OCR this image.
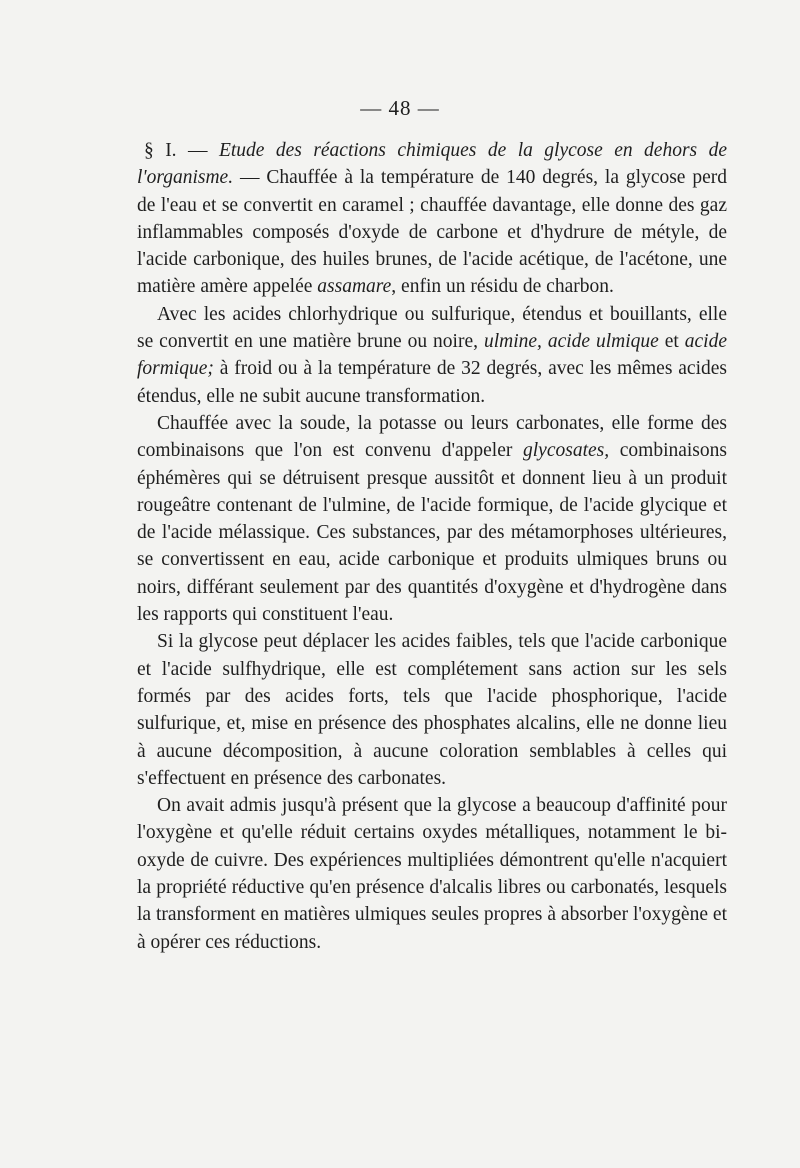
— 48 —

§ I. — Etude des réactions chimiques de la glycose en dehors de l'organisme. — Chauffée à la température de 140 degrés, la glycose perd de l'eau et se convertit en caramel ; chauffée davantage, elle donne des gaz inflammables composés d'oxyde de carbone et d'hydrure de métyle, de l'acide carbonique, des huiles brunes, de l'acide acétique, de l'acétone, une matière amère appelée assamare, enfin un résidu de charbon.

Avec les acides chlorhydrique ou sulfurique, étendus et bouillants, elle se convertit en une matière brune ou noire, ulmine, acide ulmique et acide formique; à froid ou à la température de 32 degrés, avec les mêmes acides étendus, elle ne subit aucune transformation.

Chauffée avec la soude, la potasse ou leurs carbonates, elle forme des combinaisons que l'on est convenu d'appeler glycosates, combinaisons éphémères qui se détruisent presque aussitôt et donnent lieu à un produit rougeâtre contenant de l'ulmine, de l'acide formique, de l'acide glycique et de l'acide mélassique. Ces substances, par des métamorphoses ultérieures, se convertissent en eau, acide carbonique et produits ulmiques bruns ou noirs, différant seulement par des quantités d'oxygène et d'hydrogène dans les rapports qui constituent l'eau.

Si la glycose peut déplacer les acides faibles, tels que l'acide carbonique et l'acide sulfhydrique, elle est complétement sans action sur les sels formés par des acides forts, tels que l'acide phosphorique, l'acide sulfurique, et, mise en présence des phosphates alcalins, elle ne donne lieu à aucune décomposition, à aucune coloration semblables à celles qui s'effectuent en présence des carbonates.

On avait admis jusqu'à présent que la glycose a beaucoup d'affinité pour l'oxygène et qu'elle réduit certains oxydes métalliques, notamment le bi-oxyde de cuivre. Des expériences multipliées démontrent qu'elle n'acquiert la propriété réductive qu'en présence d'alcalis libres ou carbonatés, lesquels la transforment en matières ulmiques seules propres à absorber l'oxygène et à opérer ces réductions.
